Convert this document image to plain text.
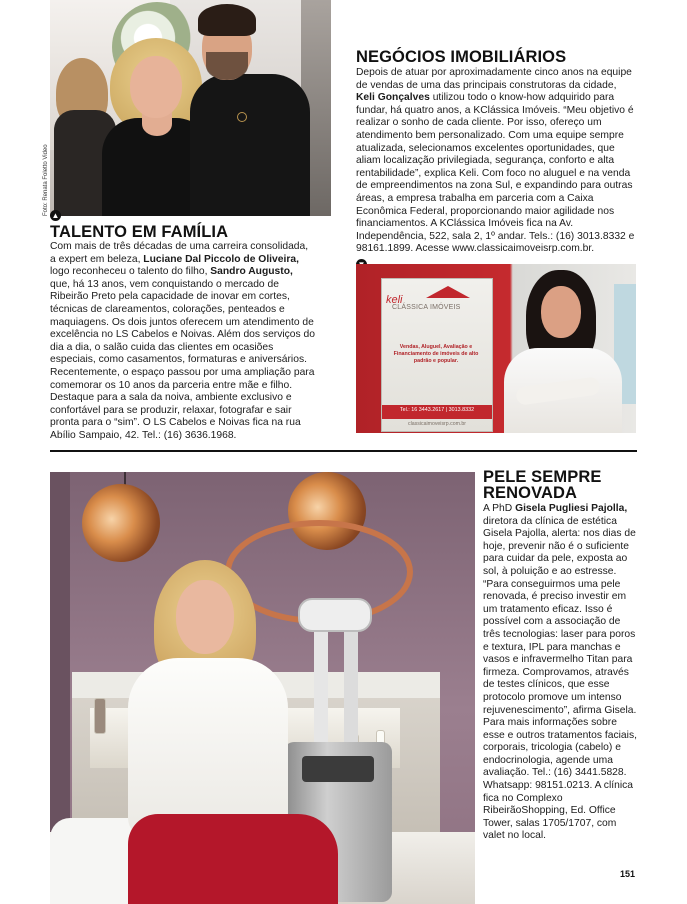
Foto: Renata Foletto Video ▲
TALENTO EM FAMÍLIA
Com mais de três décadas de uma carreira consolidada, a expert em beleza, Luciane Dal Piccolo de Oliveira, logo reconheceu o talento do filho, Sandro Augusto, que, há 13 anos, vem conquistando o mercado de Ribeirão Preto pela capacidade de inovar em cortes, técnicas de clareamentos, colorações, penteados e maquiagens. Os dois juntos oferecem um atendimento de excelência no LS Cabelos e Noivas. Além dos serviços do dia a dia, o salão cuida das clientes em ocasiões especiais, como casamentos, formaturas e aniversários. Recentemente, o espaço passou por uma ampliação para comemorar os 10 anos da parceria entre mãe e filho. Destaque para a sala da noiva, ambiente exclusivo e confortável para se produzir, relaxar, fotografar e sair pronta para o “sim”. O LS Cabelos e Noivas fica na rua Abílio Sampaio, 42. Tel.: (16) 3636.1968.
NEGÓCIOS IMOBILIÁRIOS
Depois de atuar por aproximadamente cinco anos na equipe de vendas de uma das principais construtoras da cidade, Keli Gonçalves utilizou todo o know-how adquirido para fundar, há quatro anos, a KClássica Imóveis. “Meu objetivo é realizar o sonho de cada cliente. Por isso, ofereço um atendimento bem personalizado. Com uma equipe sempre atualizada, selecionamos excelentes oportunidades, que aliam localização privilegiada, segurança, conforto e alta rentabilidade”, explica Keli. Com foco no aluguel e na venda de empreendimentos na zona Sul, e expandindo para outras áreas, a empresa trabalha em parceria com a Caixa Econômica Federal, proporcionando maior agilidade nos financiamentos. A KClássica Imóveis fica na Av. Independência, 522, sala 2, 1º andar. Tels.: (16) 3013.8332 e 98161.1899. Acesse www.classicaimoveisrp.com.br.
keli
CLÁSSICA IMÓVEIS
Vendas, Aluguel, Avaliação e Financiamento de imóveis de alto padrão e popular.
Tel.: 16 3443.2617 | 3013.8332
classicaimoveisrp.com.br
PELE SEMPRE
RENOVADA
A PhD Gisela Pugliesi Pajolla, diretora da clínica de estética Gisela Pajolla, alerta: nos dias de hoje, prevenir não é o suficiente para cuidar da pele, exposta ao sol, à poluição e ao estresse. “Para conseguirmos uma pele renovada, é preciso investir em um tratamento eficaz. Isso é possível com a associação de três tecnologias: laser para poros e textura, IPL para manchas e vasos e infravermelho Titan para firmeza. Comprovamos, através de testes clínicos, que esse protocolo promove um intenso rejuvenescimento”, afirma Gisela. Para mais informações sobre esse e outros tratamentos faciais, corporais, tricologia (cabelo) e endocrinologia, agende uma avaliação. Tel.: (16) 3441.5828. Whatsapp: 98151.0213. A clínica fica no Complexo RibeirãoShopping, Ed. Office Tower, salas 1705/1707, com valet no local.
151
